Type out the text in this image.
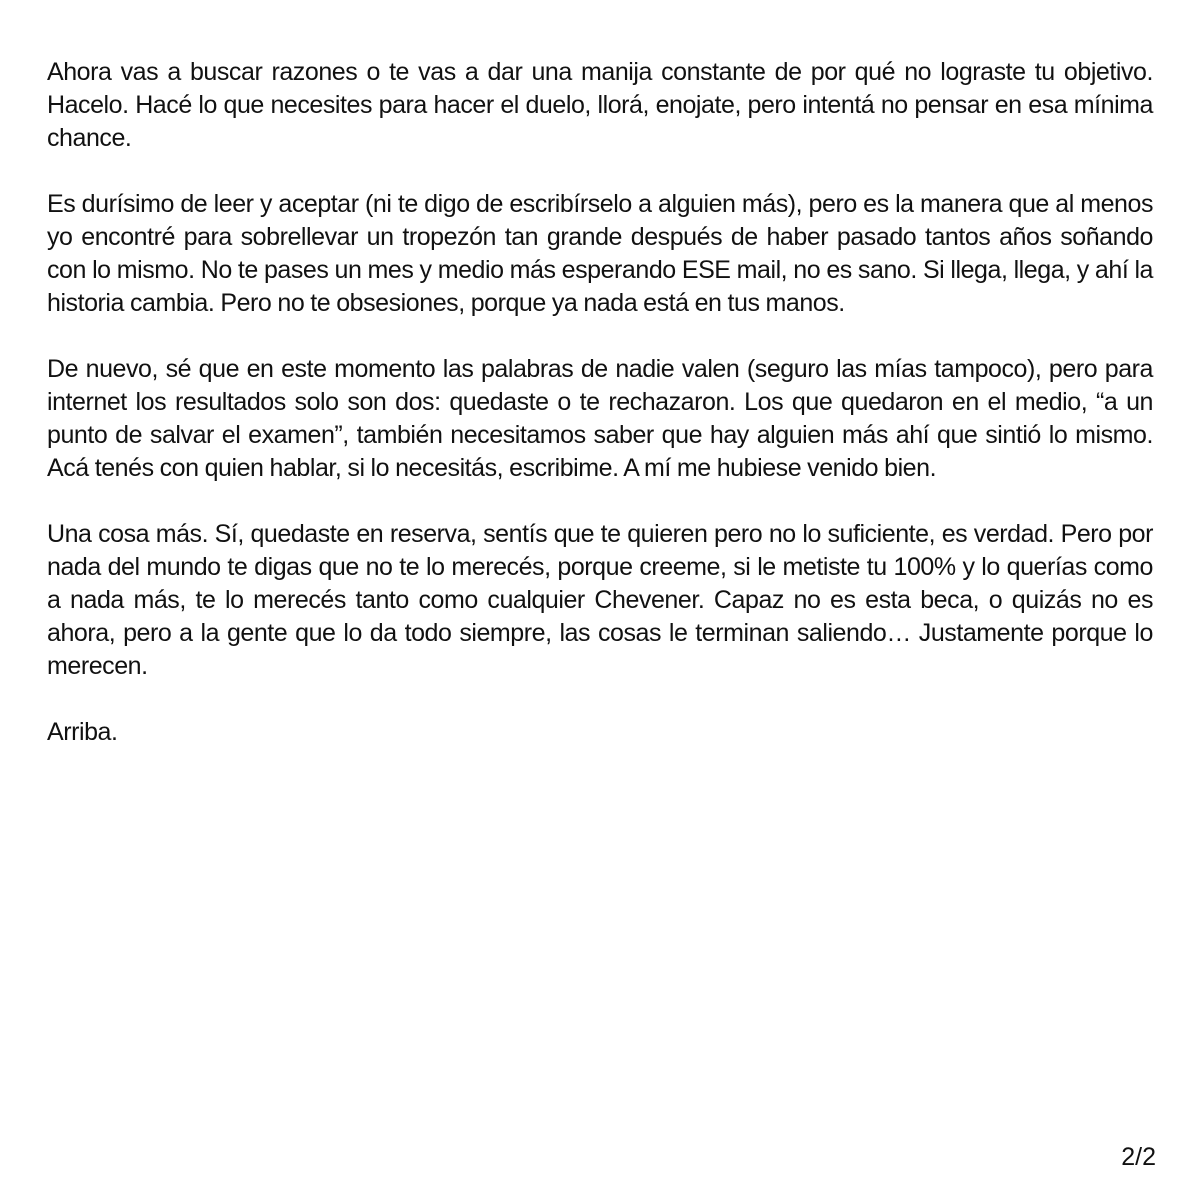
Ahora vas a buscar razones o te vas a dar una manija constante de por qué no lograste tu objetivo. Hacelo. Hacé lo que necesites para hacer el duelo, llorá, enojate, pero intentá no pensar en esa mínima chance.

Es durísimo de leer y aceptar (ni te digo de escribírselo a alguien más), pero es la manera que al menos yo encontré para sobrellevar un tropezón tan grande después de haber pasado tantos años soñando con lo mismo. No te pases un mes y medio más esperando ESE mail, no es sano. Si llega, llega, y ahí la historia cambia. Pero no te obsesiones, porque ya nada está en tus manos.

De nuevo, sé que en este momento las palabras de nadie valen (seguro las mías tampoco), pero para internet los resultados solo son dos: quedaste o te rechazaron. Los que quedaron en el medio, “a un punto de salvar el examen”, también necesitamos saber que hay alguien más ahí que sintió lo mismo. Acá tenés con quien hablar, si lo necesitás, escribime. A mí me hubiese venido bien.

Una cosa más. Sí, quedaste en reserva, sentís que te quieren pero no lo suficiente, es verdad. Pero por nada del mundo te digas que no te lo merecés, porque creeme, si le metiste tu 100% y lo querías como a nada más, te lo merecés tanto como cualquier Chevener. Capaz no es esta beca, o quizás no es ahora, pero a la gente que lo da todo siempre, las cosas le terminan saliendo… Justamente porque lo merecen.

Arriba.

2/2
